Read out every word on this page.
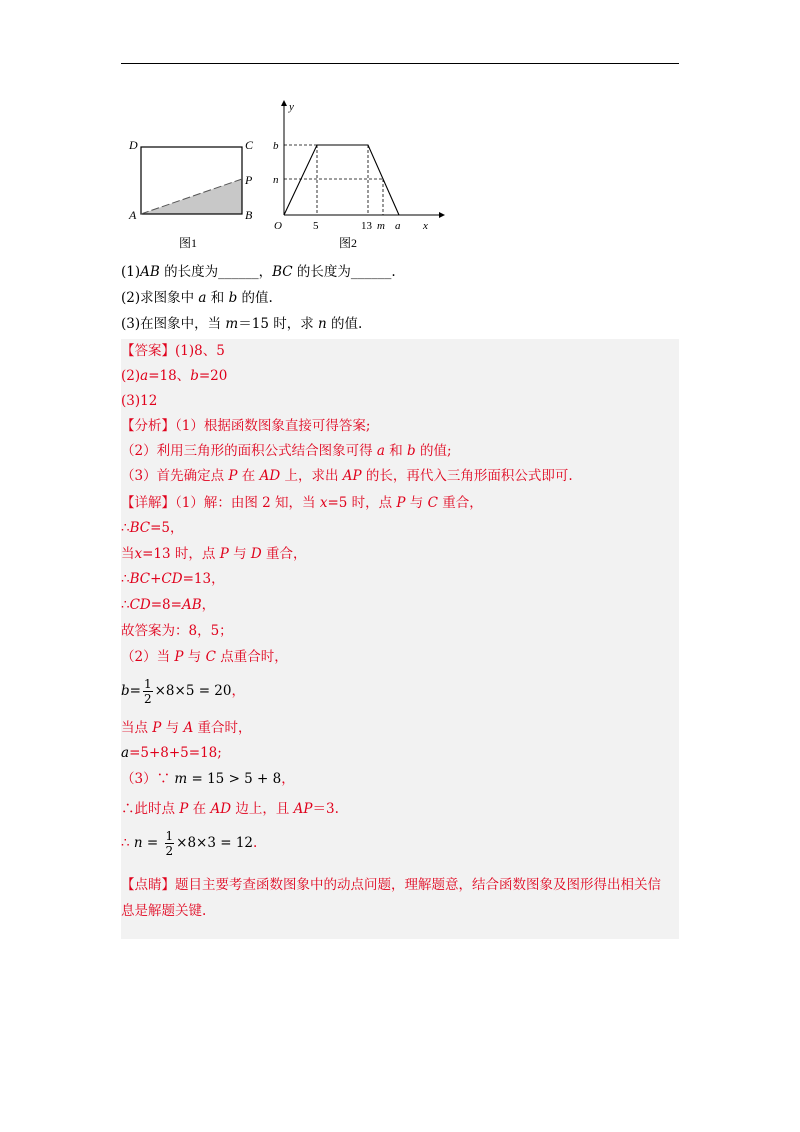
D	C
A	B
P
图1
y
x
O
b
n
5	13 m a
图2
(1)AB 的长度为______，BC 的长度为______.
(2)求图象中 a 和 b 的值.
(3)在图象中，当 m＝15 时，求 n 的值.
【答案】(1)8、5
(2)a=18、b=20
(3)12
【分析】（1）根据函数图象直接可得答案;
（2）利用三角形的面积公式结合图象可得 a 和 b 的值;
（3）首先确定点 P 在 AD 上，求出 AP 的长，再代入三角形面积公式即可.
【详解】（1）解：由图 2 知，当 x=5 时，点 P 与 C 重合，
∴BC=5，
当x=13 时，点 P 与 D 重合，
∴BC+CD=13，
∴CD=8=AB，
故答案为：8，5；
（2）当 P 与 C 点重合时，
$b= \frac{1}{2} \times 8\times 5 = 20$，
当点 P 与 A 重合时，
a=5+8+5=18;
（3）∵ m = 15 > 5 + 8，
∴此时点 P 在 AD 边上，且 AP＝3.
∴ $n = \frac{1}{2} \times 8\times 3 = 12$.
【点睛】题目主要考查函数图象中的动点问题，理解题意，结合函数图象及图形得出相关信息是解题关键.
